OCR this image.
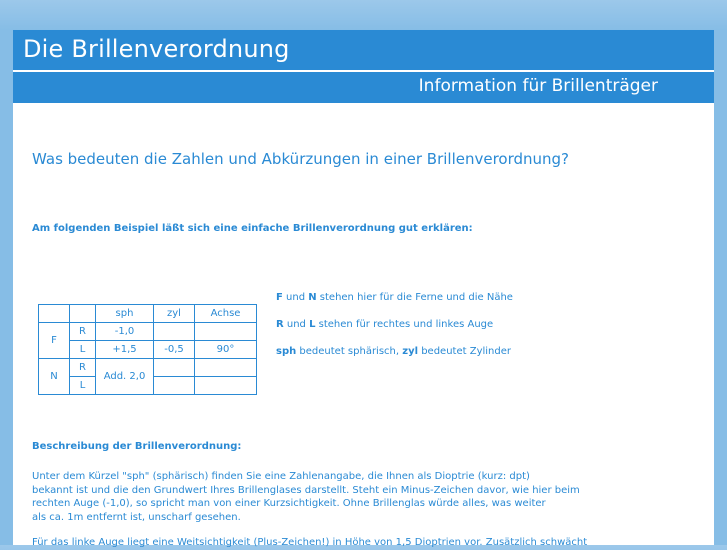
Die Brillenverordnung
Information für Brillenträger
Was bedeuten die Zahlen und Abkürzungen in einer Brillenverordnung?
Am folgenden Beispiel läßt sich eine einfache Brillenverordnung gut erklären:
		sph	zyl	Achse
F	R	-1,0		
	L	+1,5	-0,5	90°
N	R	Add. 2,0		
	L			
F und N stehen hier für die Ferne und die Nähe
R und L stehen für rechtes und linkes Auge
sph bedeutet sphärisch, zyl bedeutet Zylinder
Beschreibung der Brillenverordnung:

Unter dem Kürzel "sph" (sphärisch) finden Sie eine Zahlenangabe, die Ihnen als Dioptrie (kurz: dpt)

bekannt ist und die den Grundwert Ihres Brillenglases darstellt. Steht ein Minus-Zeichen davor, wie hier beim

rechten Auge (-1,0), so spricht man von einer Kurzsichtigkeit. Ohne Brillenglas würde alles, was weiter

als ca. 1m entfernt ist, unscharf gesehen.

Für das linke Auge liegt eine Weitsichtigkeit (Plus-Zeichen!) in Höhe von 1,5 Dioptrien vor. Zusätzlich schwächt
